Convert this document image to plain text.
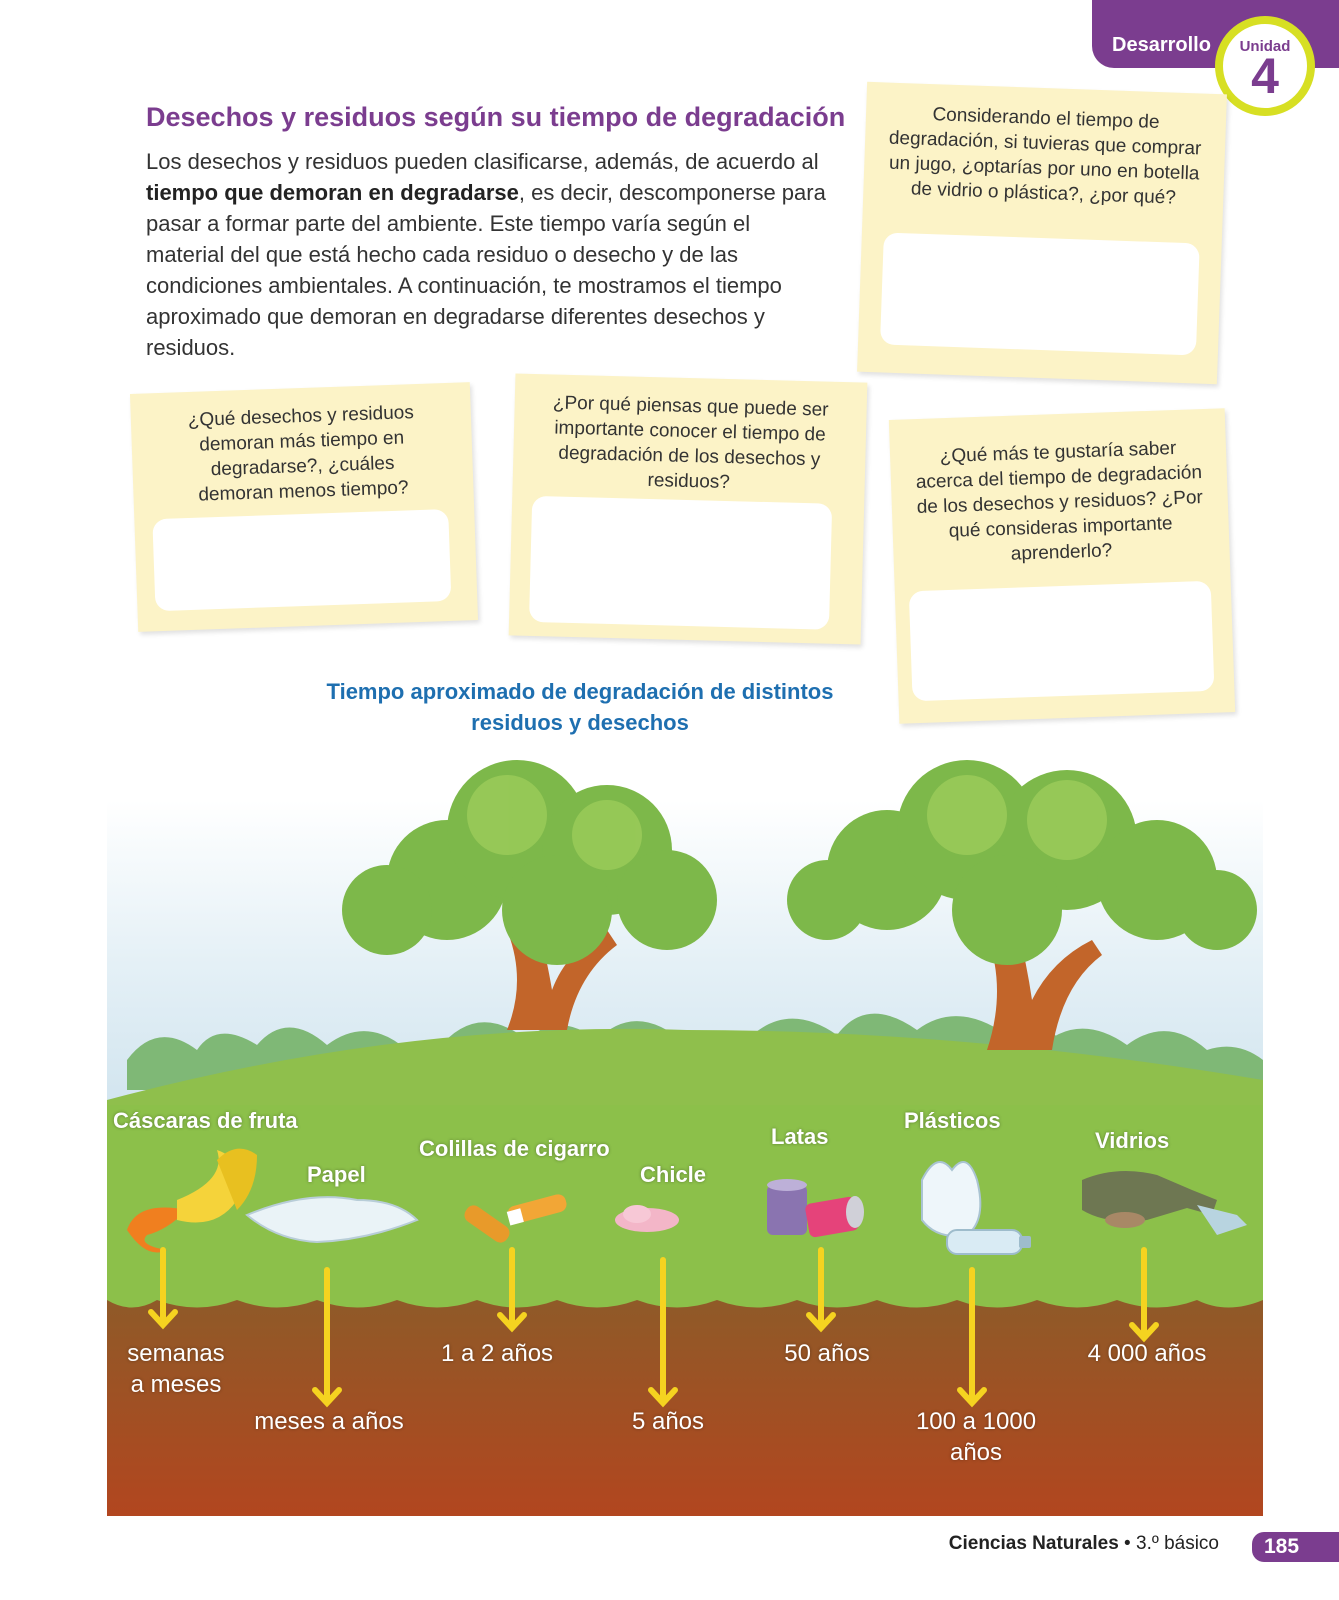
Desarrollo	Unidad
4
Desechos y residuos según su tiempo de degradación

Los desechos y residuos pueden clasificarse, además, de acuerdo al tiempo que demoran en degradarse, es decir, descomponerse para pasar a formar parte del ambiente. Este tiempo varía según el material del que está hecho cada residuo o desecho y de las condiciones ambientales. A continuación, te mostramos el tiempo aproximado que demoran en degradarse diferentes desechos y residuos.

Considerando el tiempo de degradación, si tuvieras que comprar un jugo, ¿optarías por uno en botella de vidrio o plástica?, ¿por qué?

¿Qué desechos y residuos demoran más tiempo en degradarse?, ¿cuáles demoran menos tiempo?

¿Por qué piensas que puede ser importante conocer el tiempo de degradación de los desechos y residuos?

¿Qué más te gustaría saber acerca del tiempo de degradación de los desechos y residuos? ¿Por qué consideras importante aprenderlo?

Tiempo aproximado de degradación de distintos residuos y desechos
Cáscaras de fruta
Papel
Colillas de cigarro
Chicle
Latas
Plásticos
Vidrios
semanas a meses
meses a años
1 a 2 años
5 años
50 años
100 a 1000 años
4 000 años
Ciencias Naturales • 3.º básico	185
